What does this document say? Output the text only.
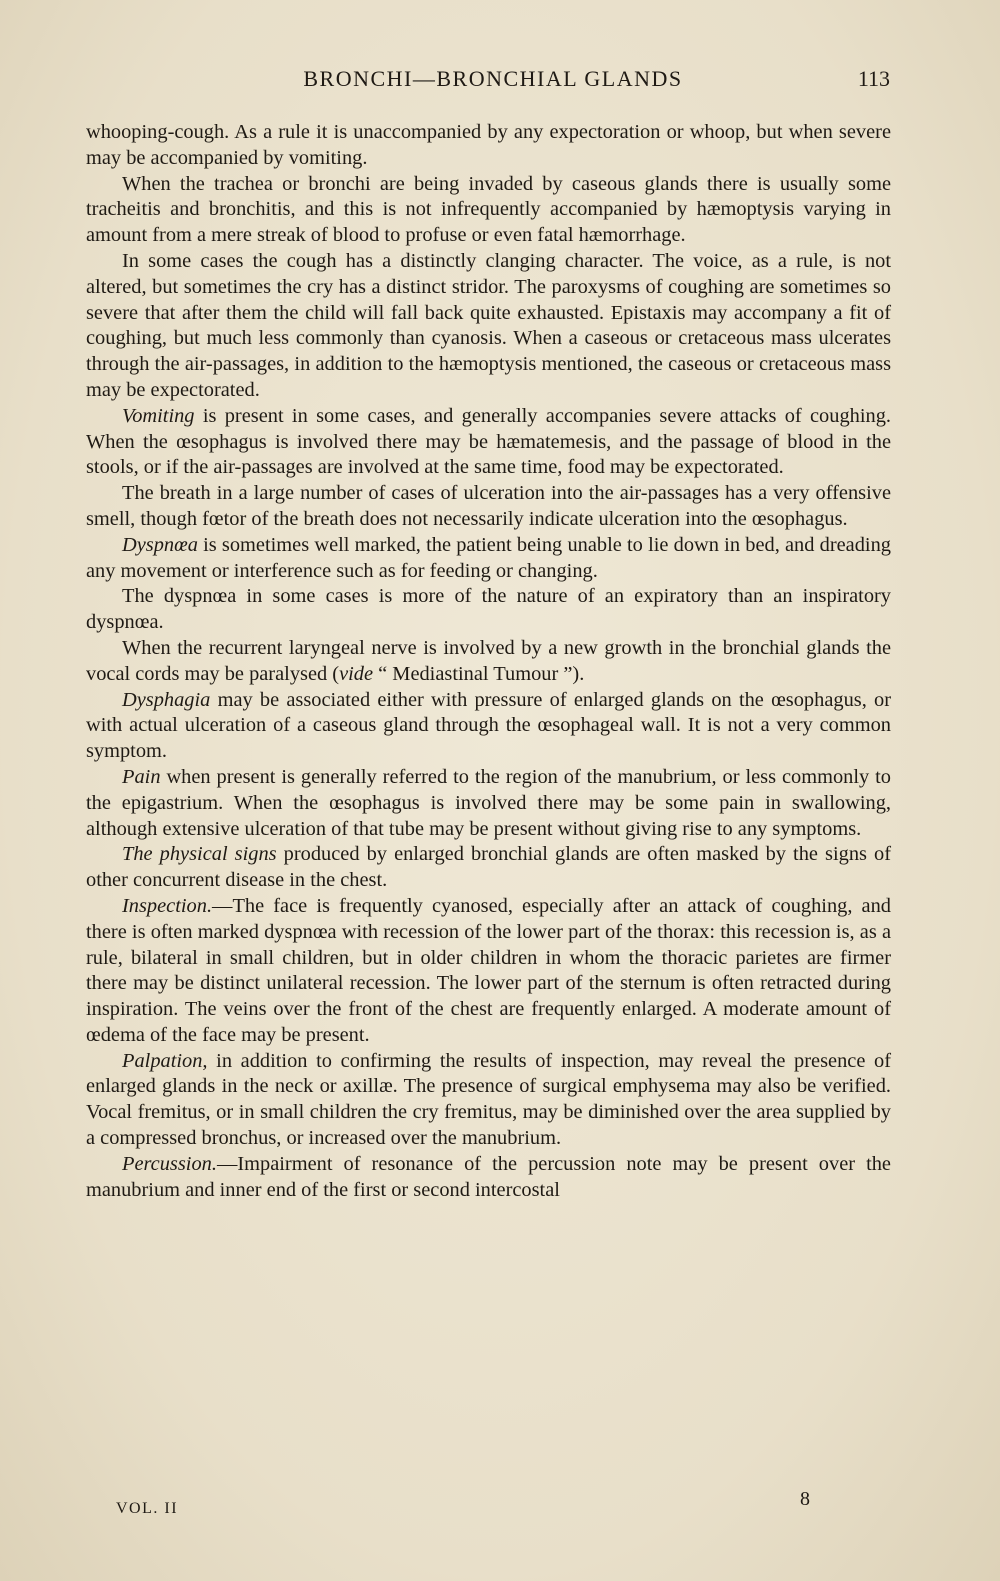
BRONCHI—BRONCHIAL GLANDS	113

whooping-cough. As a rule it is unaccompanied by any expectoration or whoop, but when severe may be accompanied by vomiting.

When the trachea or bronchi are being invaded by caseous glands there is usually some tracheitis and bronchitis, and this is not infrequently accompanied by hæmoptysis varying in amount from a mere streak of blood to profuse or even fatal hæmorrhage.

In some cases the cough has a distinctly clanging character. The voice, as a rule, is not altered, but sometimes the cry has a distinct stridor. The paroxysms of coughing are sometimes so severe that after them the child will fall back quite exhausted. Epistaxis may accompany a fit of coughing, but much less commonly than cyanosis. When a caseous or cretaceous mass ulcerates through the air-passages, in addition to the hæmoptysis mentioned, the caseous or cretaceous mass may be expectorated.

Vomiting is present in some cases, and generally accompanies severe attacks of coughing. When the œsophagus is involved there may be hæmatemesis, and the passage of blood in the stools, or if the air-passages are involved at the same time, food may be expectorated.

The breath in a large number of cases of ulceration into the air-passages has a very offensive smell, though fœtor of the breath does not necessarily indicate ulceration into the œsophagus.

Dyspnœa is sometimes well marked, the patient being unable to lie down in bed, and dreading any movement or interference such as for feeding or changing.

The dyspnœa in some cases is more of the nature of an expiratory than an inspiratory dyspnœa.

When the recurrent laryngeal nerve is involved by a new growth in the bronchial glands the vocal cords may be paralysed (vide “ Mediastinal Tumour ”).

Dysphagia may be associated either with pressure of enlarged glands on the œsophagus, or with actual ulceration of a caseous gland through the œsophageal wall. It is not a very common symptom.

Pain when present is generally referred to the region of the manubrium, or less commonly to the epigastrium. When the œsophagus is involved there may be some pain in swallowing, although extensive ulceration of that tube may be present without giving rise to any symptoms.

The physical signs produced by enlarged bronchial glands are often masked by the signs of other concurrent disease in the chest.

Inspection.—The face is frequently cyanosed, especially after an attack of coughing, and there is often marked dyspnœa with recession of the lower part of the thorax: this recession is, as a rule, bilateral in small children, but in older children in whom the thoracic parietes are firmer there may be distinct unilateral recession. The lower part of the sternum is often retracted during inspiration. The veins over the front of the chest are frequently enlarged. A moderate amount of œdema of the face may be present.

Palpation, in addition to confirming the results of inspection, may reveal the presence of enlarged glands in the neck or axillæ. The presence of surgical emphysema may also be verified. Vocal fremitus, or in small children the cry fremitus, may be diminished over the area supplied by a compressed bronchus, or increased over the manubrium.

Percussion.—Impairment of resonance of the percussion note may be present over the manubrium and inner end of the first or second intercostal

VOL. II	8
